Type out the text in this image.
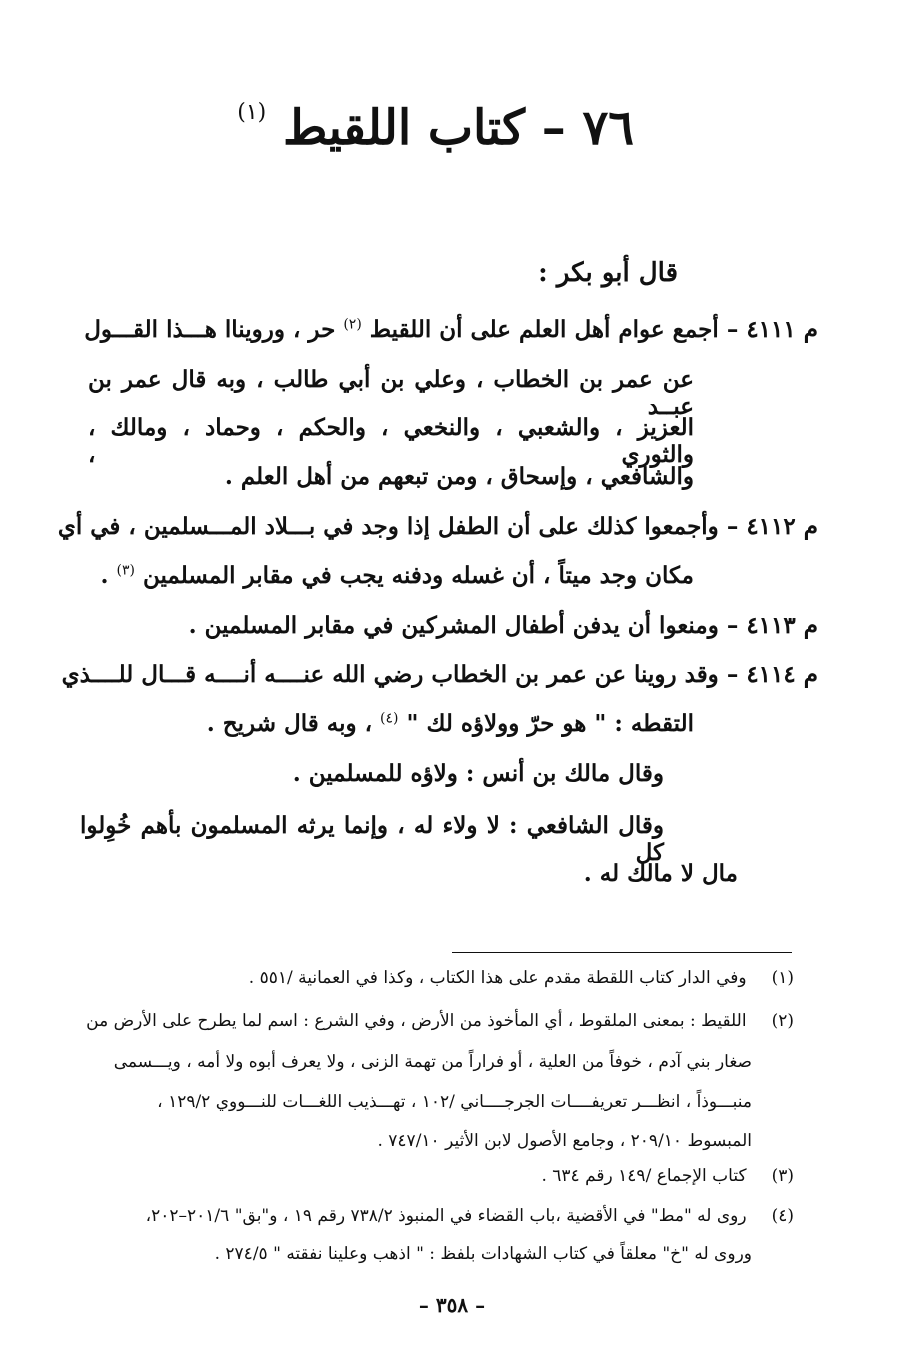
٧٦ – كتاب اللقيط $^{(١)}$
قال أبو بكر :
م ٤١١١ – أجمع عوام أهل العلم على أن اللقيط $^{(٢)}$ حر ، ورويناا هـــذا القـــول
عن عمر بن الخطاب ، وعلي بن أبي طالب ، وبه قال عمر بن عبــد
العزيز ، والشعبي ، والنخعي ، والحكم ، وحماد ، ومالك ، والثوري ،
والشافعي ، وإسحاق ، ومن تبعهم من أهل العلم .
م ٤١١٢ – وأجمعوا كذلك على أن الطفل إذا وجد في بـــلاد المـــسلمين ، في أي
مكان وجد ميتاً ، أن غسله ودفنه يجب في مقابر المسلمين $^{(٣)}$ .
م ٤١١٣ – ومنعوا أن يدفن أطفال المشركين في مقابر المسلمين .
م ٤١١٤ – وقد روينا عن عمر بن الخطاب رضي الله عنــــه أنــــه قـــال للــــذي
التقطه : " هو حرّ وولاؤه لك " $^{(٤)}$ ، وبه قال شريح .
وقال مالك بن أنس : ولاؤه للمسلمين .
وقال الشافعي : لا ولاء له ، وإنما يرثه المسلمون بأهم خُوِلوا كل
مال لا مالك له .
(١) وفي الدار كتاب اللقطة مقدم على هذا الكتاب ، وكذا في العمانية /٥٥١ .
(٢) اللقيط : بمعنى الملقوط ، أي المأخوذ من الأرض ، وفي الشرع : اسم لما يطرح على الأرض من
صغار بني آدم ، خوفاً من العلية ، أو فراراً من تهمة الزنى ، ولا يعرف أبوه ولا أمه ، ويـــسمى
منبـــوذاً ، انظـــر تعريفــــات الجرجــــاني /١٠٢ ، تهـــذيب اللغـــات للنـــووي ١٢٩/٢ ،
المبسوط ٢٠٩/١٠ ، وجامع الأصول لابن الأثير ٧٤٧/١٠ .
(٣) كتاب الإجماع /١٤٩ رقم ٦٣٤ .
(٤) روى له "مط" في الأقضية ،باب القضاء في المنبوذ ٧٣٨/٢ رقم ١٩ ، و"بق" ٢٠١/٦–٢٠٢،
وروى له "خ" معلقاً في كتاب الشهادات بلفظ : " اذهب وعلينا نفقته " ٢٧٤/٥ .
– ٣٥٨ –
